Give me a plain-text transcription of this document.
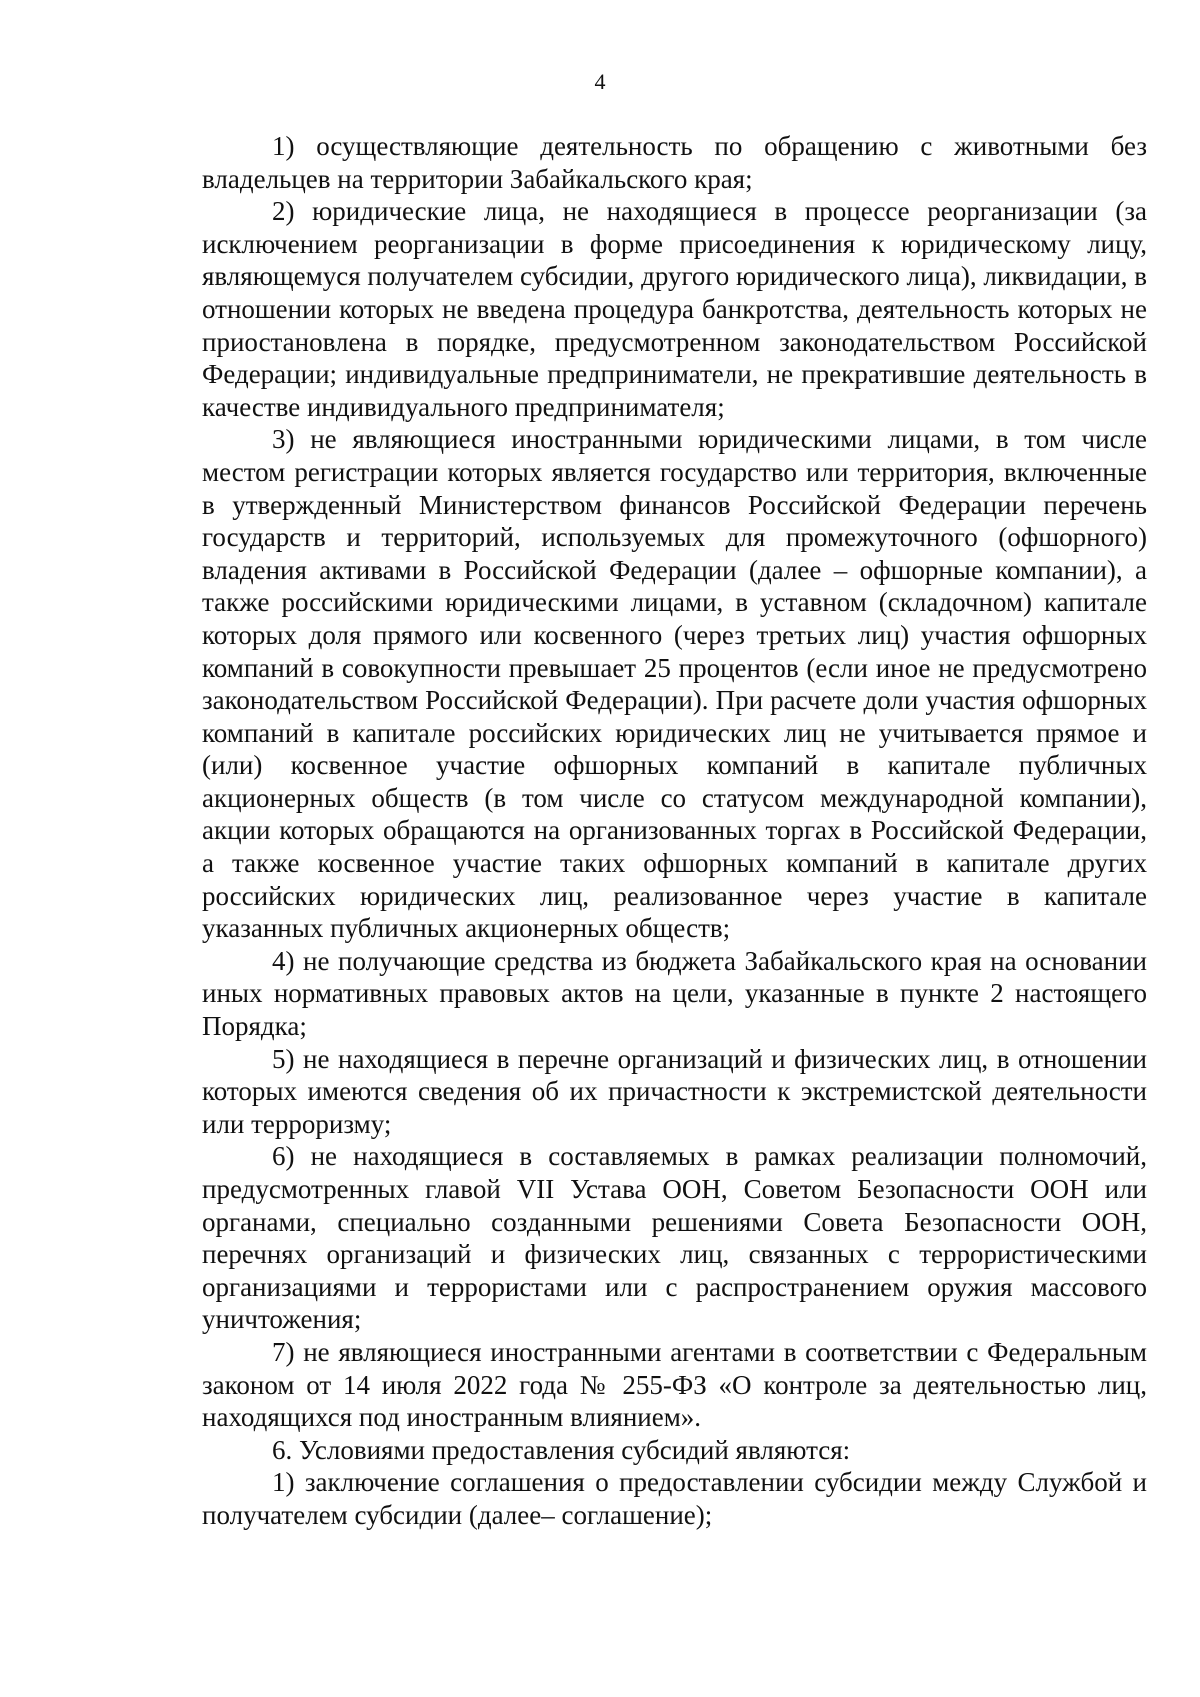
4

1) осуществляющие деятельность по обращению с животными без владельцев на территории Забайкальского края;

2) юридические лица, не находящиеся в процессе реорганизации (за исключением реорганизации в форме присоединения к юридическому лицу, являющемуся получателем субсидии, другого юридического лица), ликвидации, в отношении которых не введена процедура банкротства, деятельность которых не приостановлена в порядке, предусмотренном законодательством Российской Федерации; индивидуальные предприниматели, не прекратившие деятельность в качестве индивидуального предпринимателя;

3) не являющиеся иностранными юридическими лицами, в том числе местом регистрации которых является государство или территория, включенные в утвержденный Министерством финансов Российской Федерации перечень государств и территорий, используемых для промежуточного (офшорного) владения активами в Российской Федерации (далее – офшорные компании), а также российскими юридическими лицами, в уставном (складочном) капитале которых доля прямого или косвенного (через третьих лиц) участия офшорных компаний в совокупности превышает 25 процентов (если иное не предусмотрено законодательством Российской Федерации). При расчете доли участия офшорных компаний в капитале российских юридических лиц не учитывается прямое и (или) косвенное участие офшорных компаний в капитале публичных акционерных обществ (в том числе со статусом международной компании), акции которых обращаются на организованных торгах в Российской Федерации, а также косвенное участие таких офшорных компаний в капитале других российских юридических лиц, реализованное через участие в капитале указанных публичных акционерных обществ;

4) не получающие средства из бюджета Забайкальского края на основании иных нормативных правовых актов на цели, указанные в пункте 2 настоящего Порядка;

5) не находящиеся в перечне организаций и физических лиц, в отношении которых имеются сведения об их причастности к экстремистской деятельности или терроризму;

6) не находящиеся в составляемых в рамках реализации полномочий, предусмотренных главой VII Устава ООН, Советом Безопасности ООН или органами, специально созданными решениями Совета Безопасности ООН, перечнях организаций и физических лиц, связанных с террористическими организациями и террористами или с распространением оружия массового уничтожения;

7) не являющиеся иностранными агентами в соответствии с Федеральным законом от 14 июля 2022 года № 255-ФЗ «О контроле за деятельностью лиц, находящихся под иностранным влиянием».

6. Условиями предоставления субсидий являются:

1) заключение соглашения о предоставлении субсидии между Службой и получателем субсидии (далее– соглашение);
